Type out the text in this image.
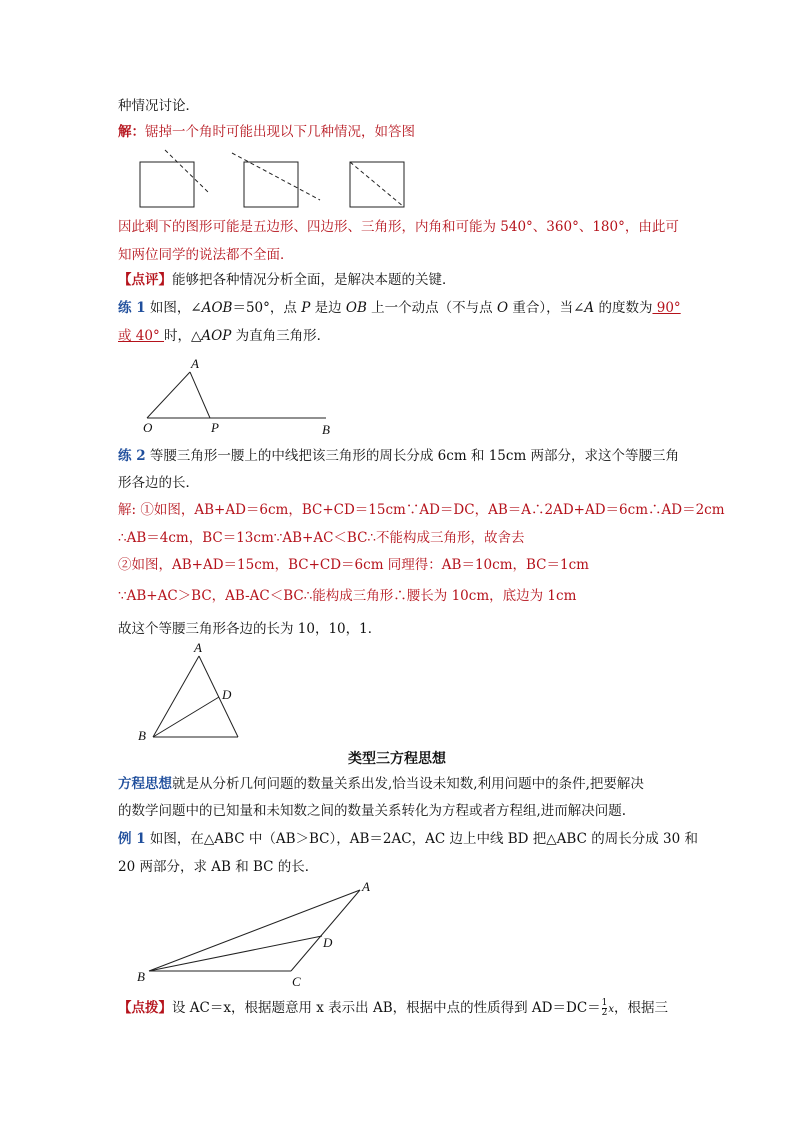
种情况讨论．
解：锯掉一个角时可能出现以下几种情况，如答图
因此剩下的图形可能是五边形、四边形、三角形，内角和可能为 540°、360°、180°，由此可
知两位同学的说法都不全面．
【点评】能够把各种情况分析全面，是解决本题的关键．
练 1 如图，∠AOB＝50°，点 P 是边 OB 上一个动点（不与点 O 重合），当∠A 的度数为 90°
或 40° 时，△AOP 为直角三角形．
A
O	P	B
练 2 等腰三角形一腰上的中线把该三角形的周长分成 6cm 和 15cm 两部分，求这个等腰三角
形各边的长．
解: ①如图，AB+AD＝6cm，BC+CD＝15cm∵AD＝DC，AB＝A∴2AD+AD＝6cm∴AD＝2cm
∴AB＝4cm，BC＝13cm∵AB+AC＜BC∴不能构成三角形，故舍去
②如图，AB+AD＝15cm，BC+CD＝6cm 同理得：AB＝10cm，BC＝1cm
∵AB+AC＞BC，AB-AC＜BC∴能构成三角形∴腰长为 10cm，底边为 1cm
故这个等腰三角形各边的长为 10，10，1．
A
D
B
类型三方程思想
方程思想就是从分析几何问题的数量关系出发,恰当设未知数,利用问题中的条件,把要解决
的数学问题中的已知量和未知数之间的数量关系转化为方程或者方程组,进而解决问题.
例 1 如图，在△ABC 中（AB＞BC），AB＝2AC，AC 边上中线 BD 把△ABC 的周长分成 30 和
20 两部分，求 AB 和 BC 的长．
A
D
B	C
【点拨】设 AC＝x，根据题意用 x 表示出 AB，根据中点的性质得到 $AD=DC= \frac{1}{2}$ x，根据三
